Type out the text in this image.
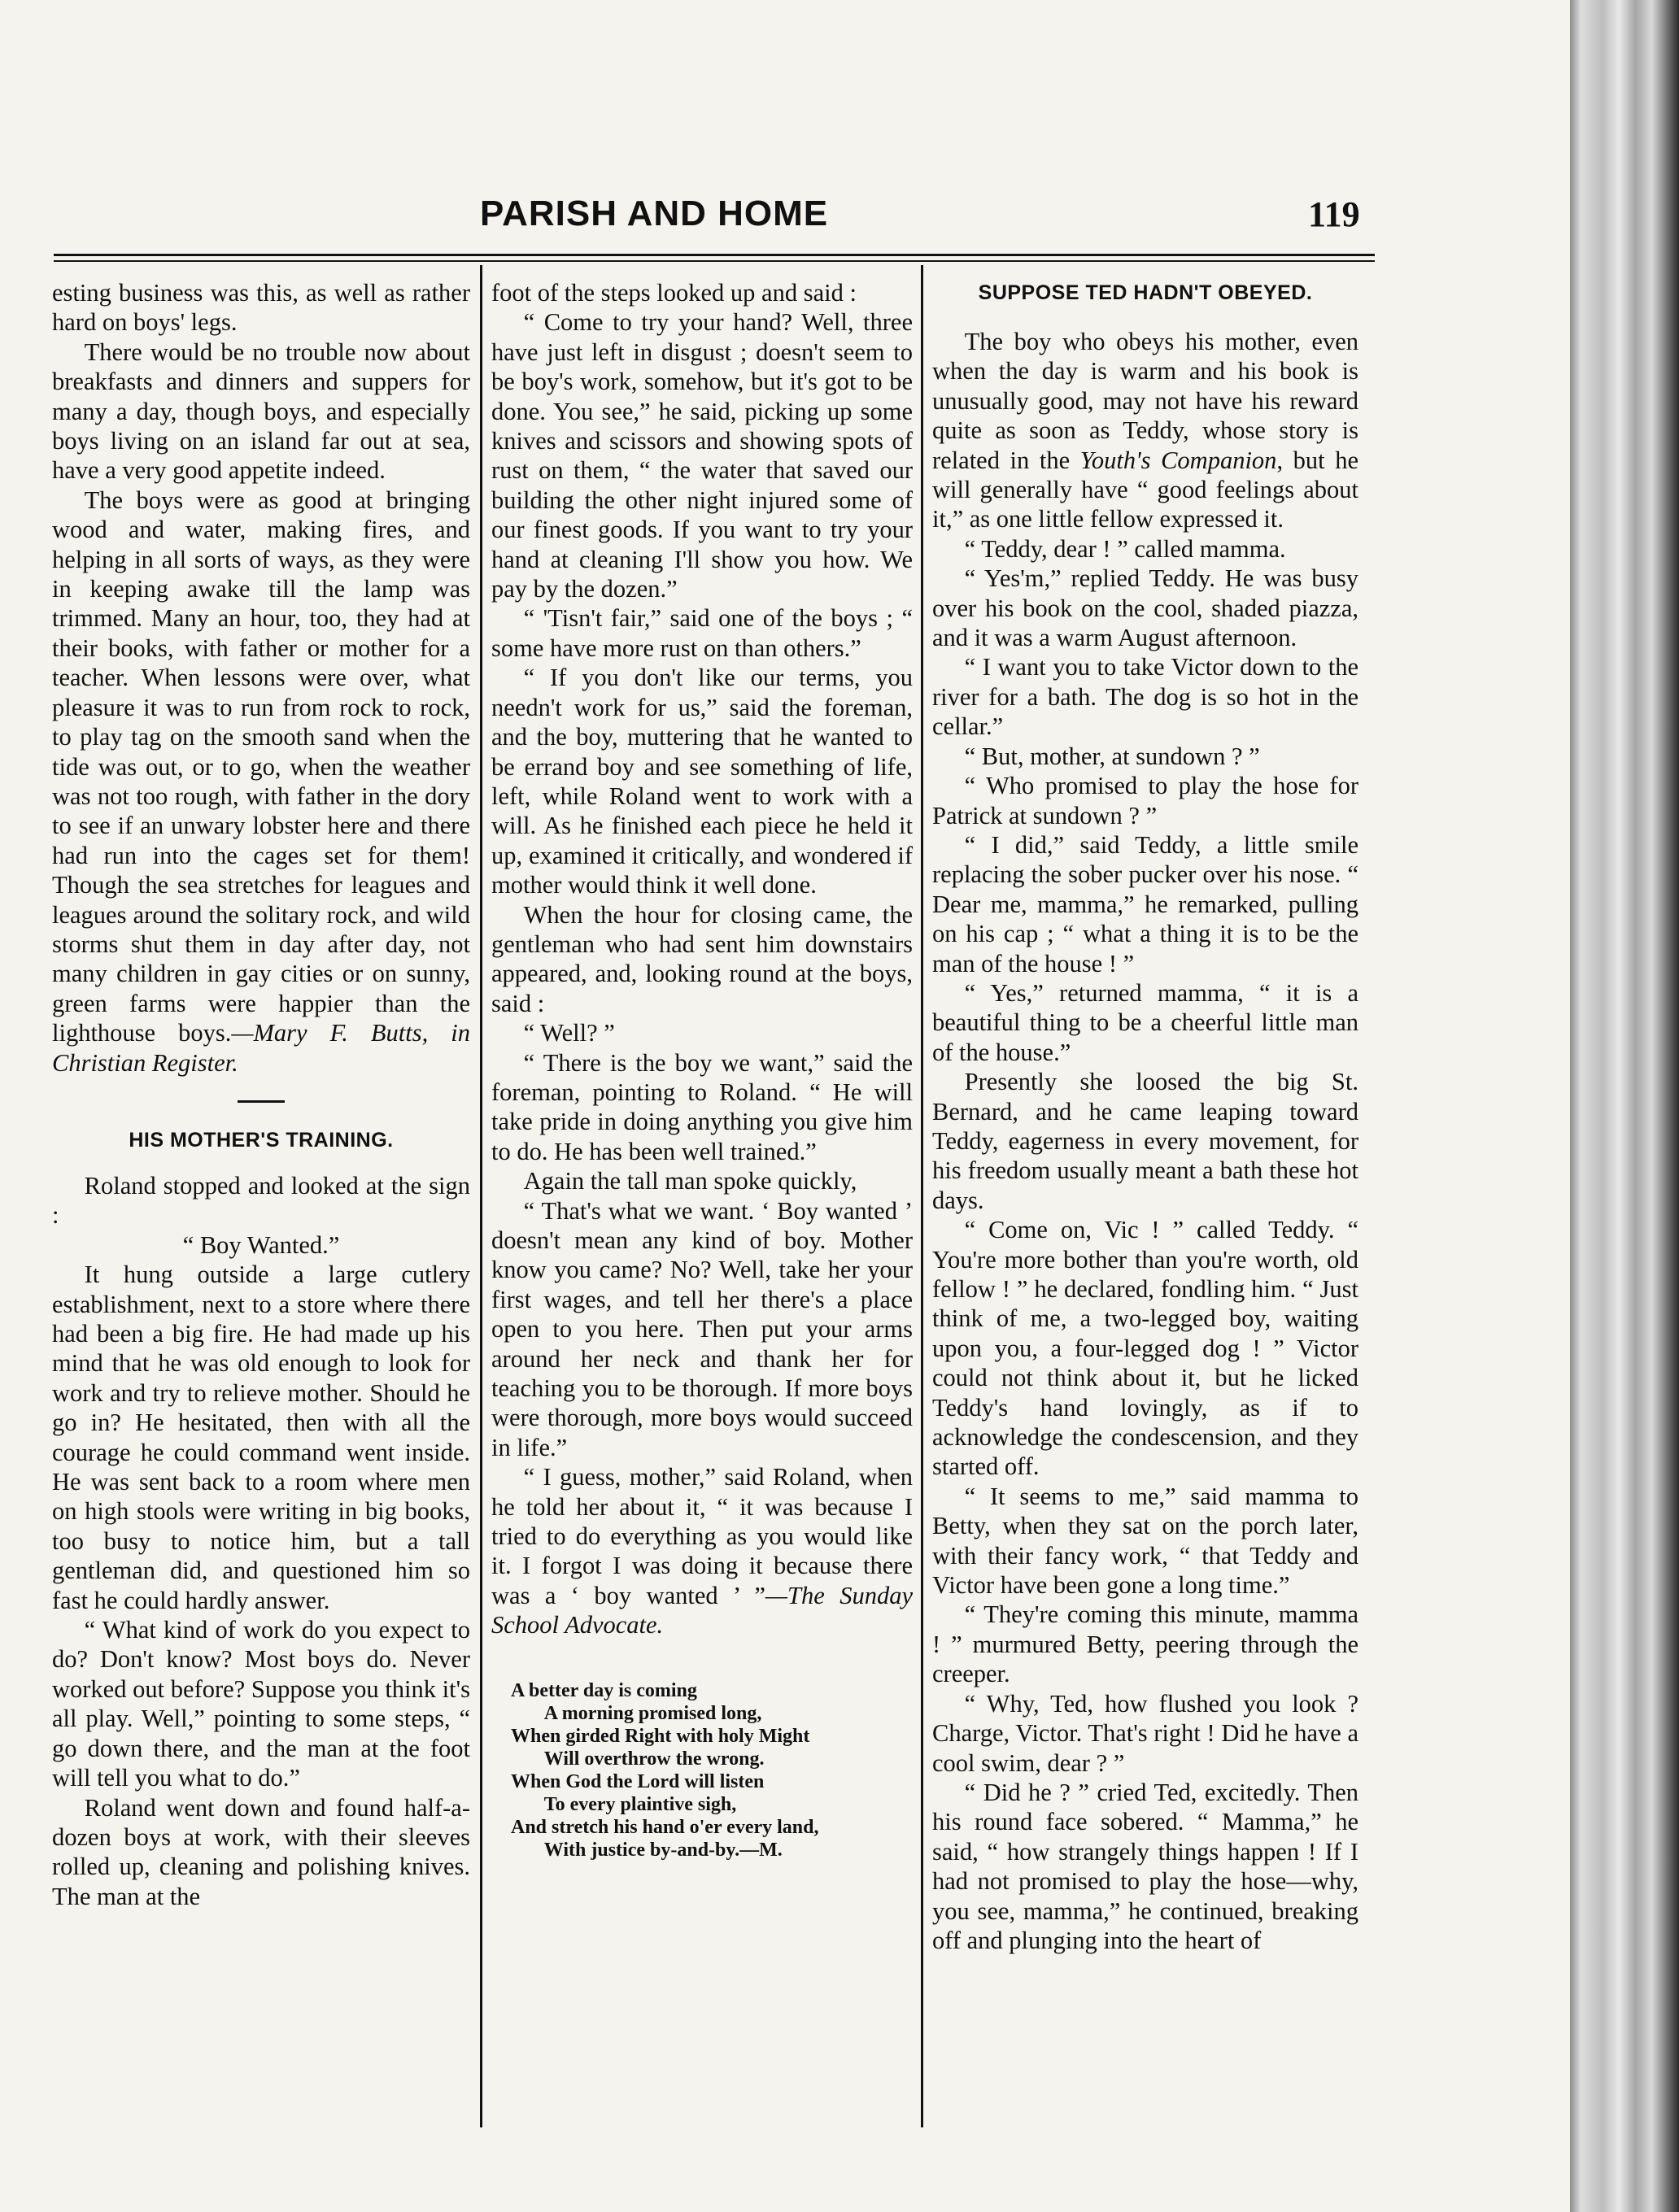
PARISH AND HOME	119

esting business was this, as well as rather hard on boys' legs.

There would be no trouble now about breakfasts and dinners and suppers for many a day, though boys, and especially boys living on an island far out at sea, have a very good appetite indeed.

The boys were as good at bringing wood and water, making fires, and helping in all sorts of ways, as they were in keeping awake till the lamp was trimmed. Many an hour, too, they had at their books, with father or mother for a teacher. When lessons were over, what pleasure it was to run from rock to rock, to play tag on the smooth sand when the tide was out, or to go, when the weather was not too rough, with father in the dory to see if an unwary lobster here and there had run into the cages set for them! Though the sea stretches for leagues and leagues around the solitary rock, and wild storms shut them in day after day, not many children in gay cities or on sunny, green farms were happier than the lighthouse boys.—Mary F. Butts, in Christian Register.

HIS MOTHER'S TRAINING.

Roland stopped and looked at the sign :

“ Boy Wanted.”

It hung outside a large cutlery establishment, next to a store where there had been a big fire. He had made up his mind that he was old enough to look for work and try to relieve mother. Should he go in? He hesitated, then with all the courage he could command went inside. He was sent back to a room where men on high stools were writing in big books, too busy to notice him, but a tall gentleman did, and questioned him so fast he could hardly answer.

“ What kind of work do you expect to do? Don't know? Most boys do. Never worked out before? Suppose you think it's all play. Well,” pointing to some steps, “ go down there, and the man at the foot will tell you what to do.”

Roland went down and found half-a-dozen boys at work, with their sleeves rolled up, cleaning and polishing knives. The man at the

foot of the steps looked up and said :

“ Come to try your hand? Well, three have just left in disgust ; doesn't seem to be boy's work, somehow, but it's got to be done. You see,” he said, picking up some knives and scissors and showing spots of rust on them, “ the water that saved our building the other night injured some of our finest goods. If you want to try your hand at cleaning I'll show you how. We pay by the dozen.”

“ 'Tisn't fair,” said one of the boys ; “ some have more rust on than others.”

“ If you don't like our terms, you needn't work for us,” said the foreman, and the boy, muttering that he wanted to be errand boy and see something of life, left, while Roland went to work with a will. As he finished each piece he held it up, examined it critically, and wondered if mother would think it well done.

When the hour for closing came, the gentleman who had sent him downstairs appeared, and, looking round at the boys, said :

“ Well? ”

“ There is the boy we want,” said the foreman, pointing to Roland. “ He will take pride in doing anything you give him to do. He has been well trained.”

Again the tall man spoke quickly,

“ That's what we want. ‘ Boy wanted ’ doesn't mean any kind of boy. Mother know you came? No? Well, take her your first wages, and tell her there's a place open to you here. Then put your arms around her neck and thank her for teaching you to be thorough. If more boys were thorough, more boys would succeed in life.”

“ I guess, mother,” said Roland, when he told her about it, “ it was because I tried to do everything as you would like it. I forgot I was doing it because there was a ‘ boy wanted ’ ”—The Sunday School Advocate.

A better day is coming
A morning promised long,
When girded Right with holy Might
Will overthrow the wrong.
When God the Lord will listen
To every plaintive sigh,
And stretch his hand o'er every land,
With justice by-and-by.—M.
SUPPOSE TED HADN'T OBEYED.

The boy who obeys his mother, even when the day is warm and his book is unusually good, may not have his reward quite as soon as Teddy, whose story is related in the Youth's Companion, but he will generally have “ good feelings about it,” as one little fellow expressed it.

“ Teddy, dear ! ” called mamma.

“ Yes'm,” replied Teddy. He was busy over his book on the cool, shaded piazza, and it was a warm August afternoon.

“ I want you to take Victor down to the river for a bath. The dog is so hot in the cellar.”

“ But, mother, at sundown ? ”

“ Who promised to play the hose for Patrick at sundown ? ”

“ I did,” said Teddy, a little smile replacing the sober pucker over his nose. “ Dear me, mamma,” he remarked, pulling on his cap ; “ what a thing it is to be the man of the house ! ”

“ Yes,” returned mamma, “ it is a beautiful thing to be a cheerful little man of the house.”

Presently she loosed the big St. Bernard, and he came leaping toward Teddy, eagerness in every movement, for his freedom usually meant a bath these hot days.

“ Come on, Vic ! ” called Teddy. “ You're more bother than you're worth, old fellow ! ” he declared, fondling him. “ Just think of me, a two-legged boy, waiting upon you, a four-legged dog ! ” Victor could not think about it, but he licked Teddy's hand lovingly, as if to acknowledge the condescension, and they started off.

“ It seems to me,” said mamma to Betty, when they sat on the porch later, with their fancy work, “ that Teddy and Victor have been gone a long time.”

“ They're coming this minute, mamma ! ” murmured Betty, peering through the creeper.

“ Why, Ted, how flushed you look ? Charge, Victor. That's right ! Did he have a cool swim, dear ? ”

“ Did he ? ” cried Ted, excitedly. Then his round face sobered. “ Mamma,” he said, “ how strangely things happen ! If I had not promised to play the hose—why, you see, mamma,” he continued, breaking off and plunging into the heart of
